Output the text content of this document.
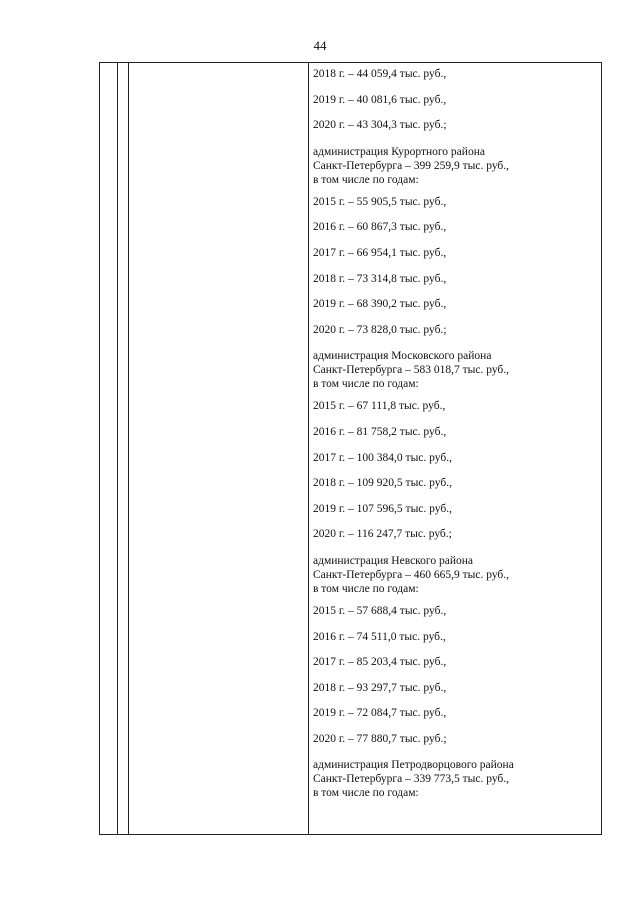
44
2018 г. – 44 059,4 тыс. руб.,
2019 г. – 40 081,6 тыс. руб.,
2020 г. – 43 304,3 тыс. руб.;
администрация Курортного района
Санкт-Петербурга – 399 259,9 тыс. руб.,
в том числе по годам:
2015 г. – 55 905,5 тыс. руб.,
2016 г. – 60 867,3 тыс. руб.,
2017 г. – 66 954,1 тыс. руб.,
2018 г. – 73 314,8 тыс. руб.,
2019 г. – 68 390,2 тыс. руб.,
2020 г. – 73 828,0 тыс. руб.;
администрация Московского района
Санкт-Петербурга – 583 018,7 тыс. руб.,
в том числе по годам:
2015 г. – 67 111,8 тыс. руб.,
2016 г. – 81 758,2 тыс. руб.,
2017 г. – 100 384,0 тыс. руб.,
2018 г. – 109 920,5 тыс. руб.,
2019 г. – 107 596,5 тыс. руб.,
2020 г. – 116 247,7 тыс. руб.;
администрация Невского района
Санкт-Петербурга – 460 665,9 тыс. руб.,
в том числе по годам:
2015 г. – 57 688,4 тыс. руб.,
2016 г. – 74 511,0 тыс. руб.,
2017 г. – 85 203,4 тыс. руб.,
2018 г. – 93 297,7 тыс. руб.,
2019 г. – 72 084,7 тыс. руб.,
2020 г. – 77 880,7 тыс. руб.;
администрация Петродворцового района
Санкт-Петербурга – 339 773,5 тыс. руб.,
в том числе по годам:
